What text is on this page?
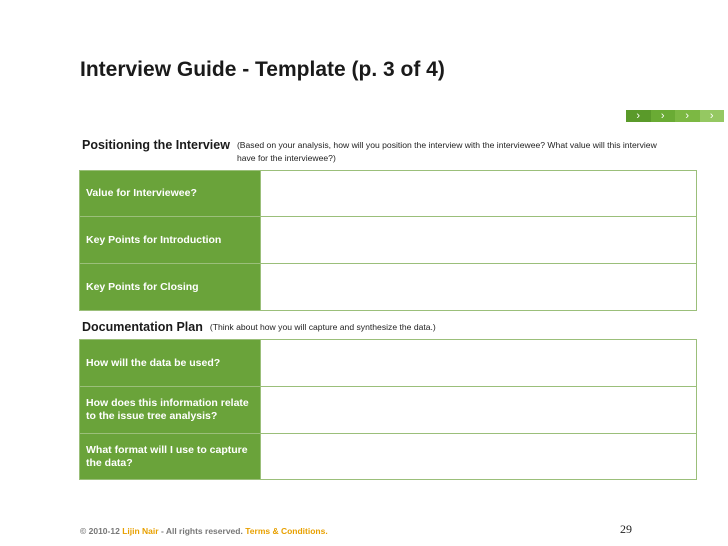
Interview Guide - Template (p. 3 of 4)
›	›	›	›
Positioning the Interview (Based on your analysis, how will you position the interview with the interviewee? What value will this interview have for the interviewee?)
Value for Interviewee?	
Key Points for Introduction	
Key Points for Closing	
Documentation Plan (Think about how you will capture and synthesize the data.)
How will the data be used?	
How does this information relate to the issue tree analysis?	
What format will I use to capture the data?	
© 2010-12 Lijin Nair - All rights reserved. Terms & Conditions.	29
